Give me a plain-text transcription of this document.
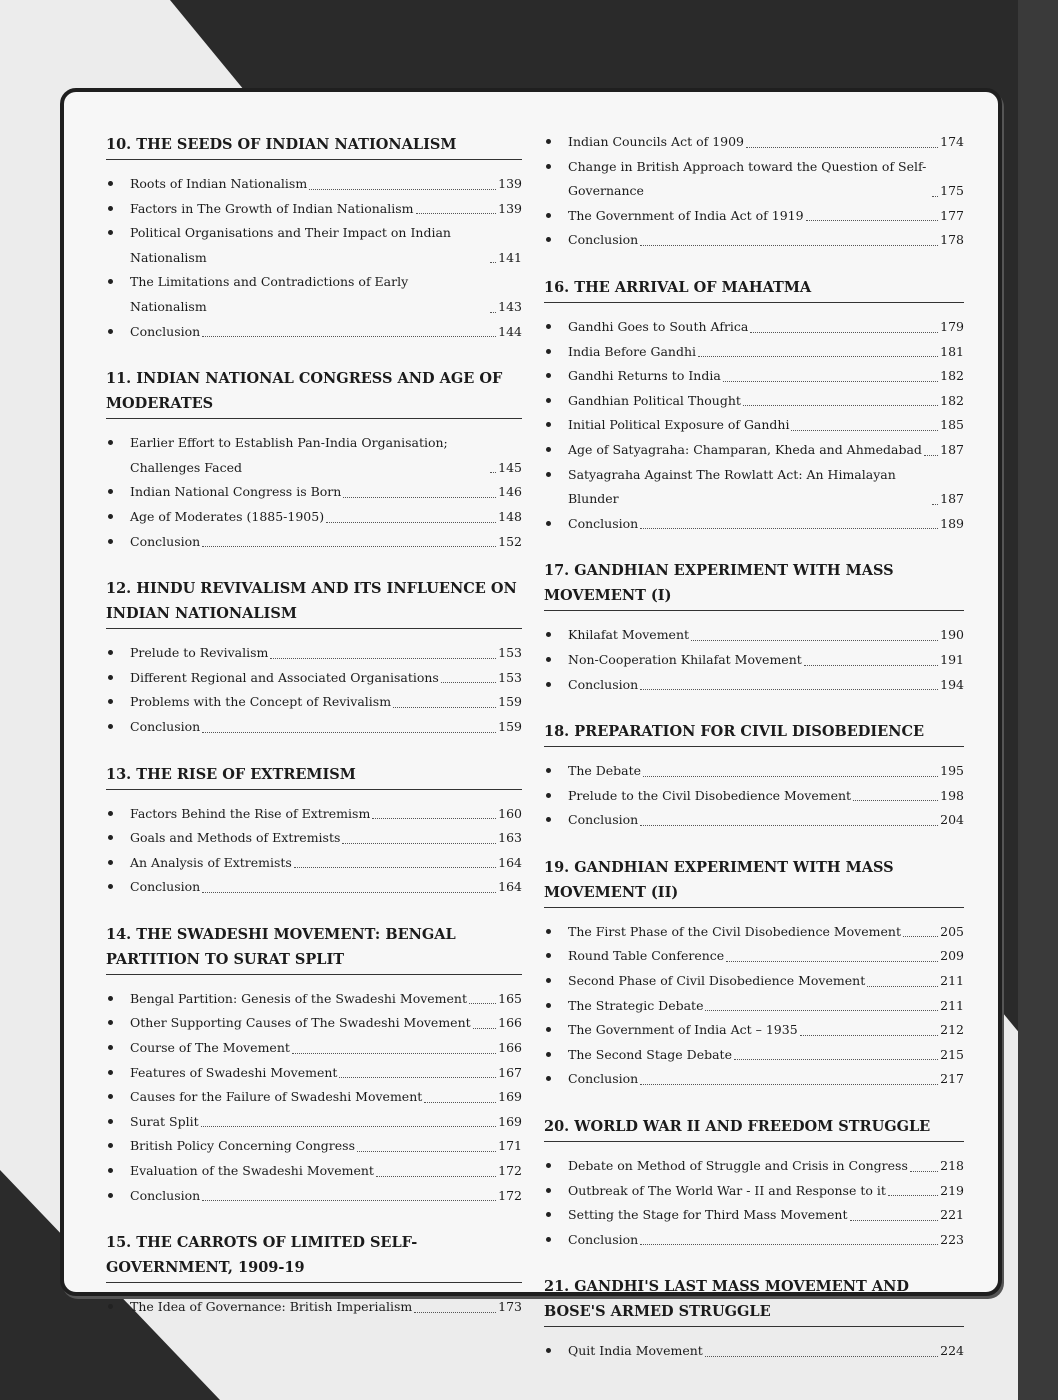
10. THE SEEDS OF INDIAN NATIONALISM
Roots of Indian Nationalism	139
Factors in The Growth of Indian Nationalism	139
Political Organisations and Their Impact on Indian Nationalism	141
The Limitations and Contradictions of Early Nationalism	143
Conclusion	144
11. INDIAN NATIONAL CONGRESS AND AGE OF MODERATES
Earlier Effort to Establish Pan-India Organisation; Challenges Faced	145
Indian National Congress is Born	146
Age of Moderates (1885-1905)	148
Conclusion	152
12. HINDU REVIVALISM AND ITS INFLUENCE ON INDIAN NATIONALISM
Prelude to Revivalism	153
Different Regional and Associated Organisations	153
Problems with the Concept of Revivalism	159
Conclusion	159
13. THE RISE OF EXTREMISM
Factors Behind the Rise of Extremism	160
Goals and Methods of Extremists	163
An Analysis of Extremists	164
Conclusion	164
14. THE SWADESHI MOVEMENT: BENGAL PARTITION TO SURAT SPLIT
Bengal Partition: Genesis of the Swadeshi Movement 165
Other Supporting Causes of The Swadeshi Movement 166
Course of The Movement	166
Features of Swadeshi Movement	167
Causes for the Failure of Swadeshi Movement	169
Surat Split	169
British Policy Concerning Congress	171
Evaluation of the Swadeshi Movement	172
Conclusion	172
15. THE CARROTS OF LIMITED SELF-GOVERNMENT, 1909-19
The Idea of Governance: British Imperialism	173
Indian Councils Act of 1909	174
Change in British Approach toward the Question of Self-Governance	175
The Government of India Act of 1919	177
Conclusion	178
16. THE ARRIVAL OF MAHATMA
Gandhi Goes to South Africa	179
India Before Gandhi	181
Gandhi Returns to India	182
Gandhian Political Thought	182
Initial Political Exposure of Gandhi	185
Age of Satyagraha: Champaran, Kheda and Ahmedabad 187
Satyagraha Against The Rowlatt Act: An Himalayan Blunder	187
Conclusion	189
17. GANDHIAN EXPERIMENT WITH MASS MOVEMENT (I)
Khilafat Movement	190
Non-Cooperation Khilafat Movement	191
Conclusion	194
18. PREPARATION FOR CIVIL DISOBEDIENCE
The Debate	195
Prelude to the Civil Disobedience Movement	198
Conclusion	204
19. GANDHIAN EXPERIMENT WITH MASS MOVEMENT (II)
The First Phase of the Civil Disobedience Movement	205
Round Table Conference	209
Second Phase of Civil Disobedience Movement	211
The Strategic Debate	211
The Government of India Act – 1935	212
The Second Stage Debate	215
Conclusion	217
20. WORLD WAR II AND FREEDOM STRUGGLE
Debate on Method of Struggle and Crisis in Congress	218
Outbreak of The World War - II and Response to it	219
Setting the Stage for Third Mass Movement	221
Conclusion	223
21. GANDHI'S LAST MASS MOVEMENT AND BOSE'S ARMED STRUGGLE
Quit India Movement	224
